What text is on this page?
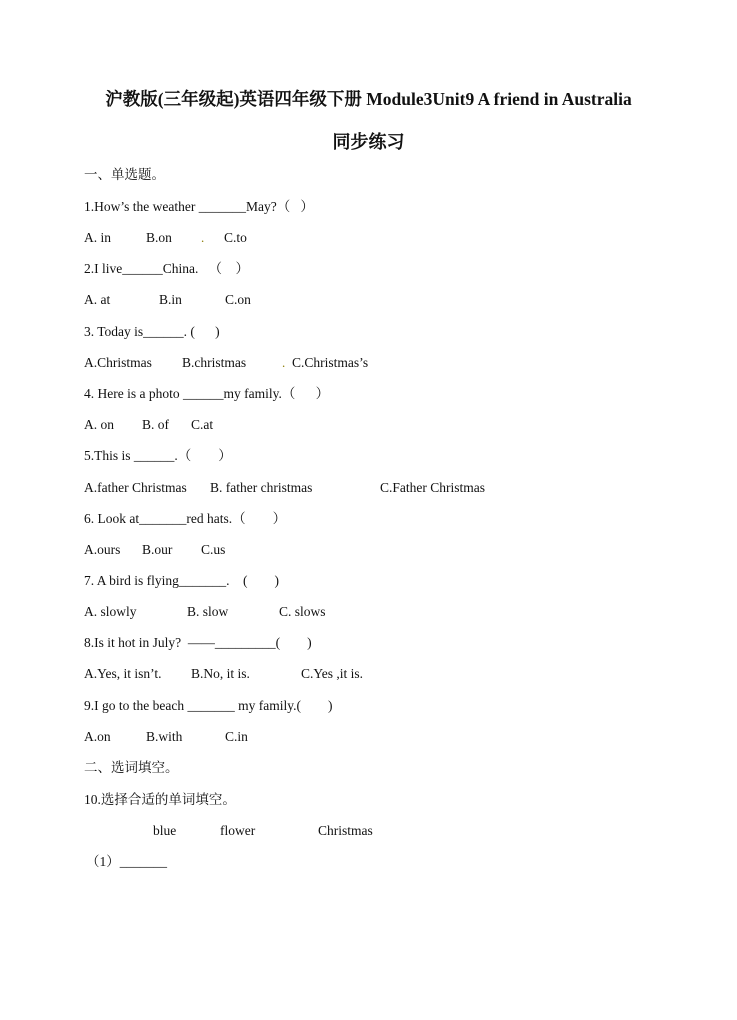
沪教版(三年级起)英语四年级下册 Module3Unit9 A friend in Australia
同步练习
一、单选题。
1.How’s the weather _______May?（   ）
A. in	B.on . C.to
2.I live______China.   （    ）
A. at	B.in	C.on
3. Today is______. (      )
A.Christmas B.christmas	. C.Christmas’s
4. Here is a photo ______my family.（      ）
A. on B. of C.at
5.This is ______.（        ）
A.father Christmas B. father christmas	C.Father Christmas
6. Look at_______red hats.（        ）
A.ours B.our C.us
7. A bird is flying_______.    (        )
A. slowly	B. slow	C. slows
8.Is it hot in July?  ——_________(        )
A.Yes, it isn’t. B.No, it is.	C.Yes ,it is.
9.I go to the beach _______ my family.(        )
A.on	B.with	C.in
二、选词填空。
10.选择合适的单词填空。
blue	flower	Christmas
（1）_______
